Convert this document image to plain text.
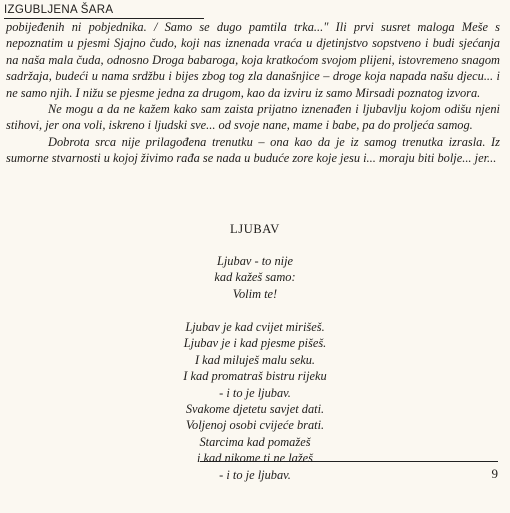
IZGUBLJENA ŠARA

pobijeđenih ni pobjednika. / Samo se dugo pamtila trka..." Ili prvi susret maloga Meše s nepoznatim u pjesmi Sjajno čudo, koji nas iznenada vraća u djetinjstvo sopstveno i budi sjećanja na naša mala čuda, odnosno Droga babaroga, koja kratkoćom svojom plijeni, istovremeno snagom sadržaja, budeći u nama srdžbu i bijes zbog tog zla današnjice – droge koja napada našu djecu... i ne samo njih. I nižu se pjesme jedna za drugom, kao da izviru iz samo Mirsadi poznatog izvora.

Ne mogu a da ne kažem kako sam zaista prijatno iznenađen i ljubavlju kojom odišu njeni stihovi, jer ona voli, iskreno i ljudski sve... od svoje nane, mame i babe, pa do proljeća samog.

Dobrota srca nije prilagođena trenutku – ona kao da je iz samog trenutka izrasla. Iz sumorne stvarnosti u kojoj živimo rađa se nada u buduće zore koje jesu i... moraju biti bolje... jer...

LJUBAV
Ljubav - to nije
kad kažeš samo:
Volim te!
Ljubav je kad cvijet mirišeš.
Ljubav je i kad pjesme pišeš.
I kad miluješ malu seku.
I kad promatraš bistru rijeku
- i to je ljubav.
Svakome djetetu savjet dati.
Voljenoj osobi cvijeće brati.
Starcima kad pomažeš
i kad nikome ti ne lažeš
- i to je ljubav.	9
